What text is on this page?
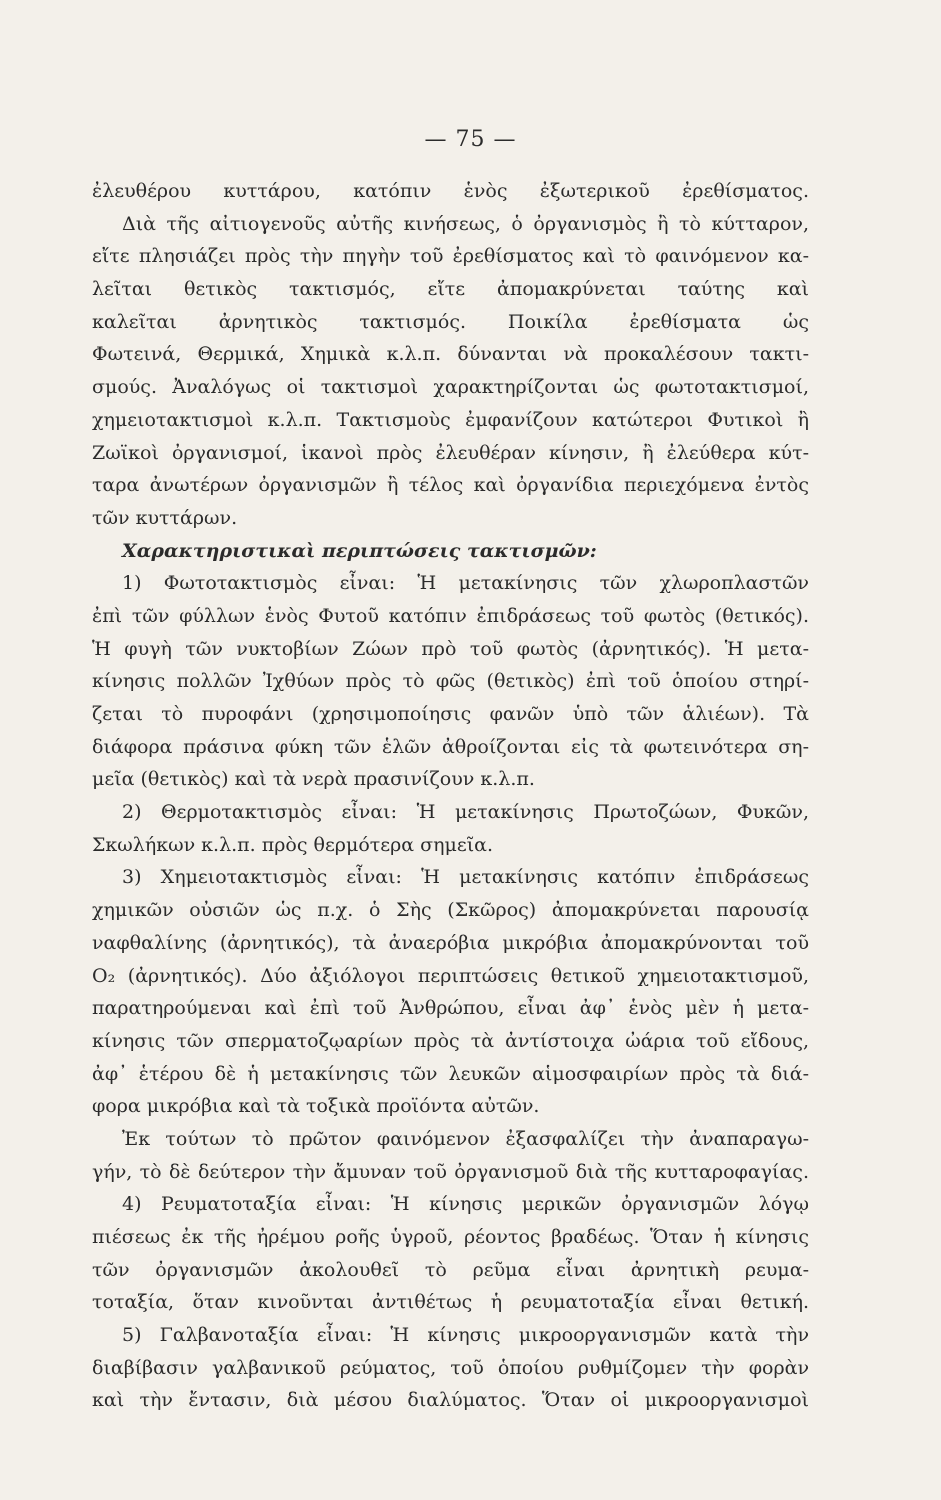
— 75 —
ἐλευθέρου κυττάρου, κατόπιν ἑνὸς ἐξωτερικοῦ ἐρεθίσματος.
Διὰ τῆς αἰτιογενοῦς αὐτῆς κινήσεως, ὁ ὀργανισμὸς ἢ τὸ κύτταρον,
εἴτε πλησιάζει πρὸς τὴν πηγὴν τοῦ ἐρεθίσματος καὶ τὸ φαινόμενον κα-
λεῖται θετικὸς τακτισμός, εἴτε ἀπομακρύνεται ταύτης καὶ
καλεῖται ἀρνητικὸς τακτισμός. Ποικίλα ἐρεθίσματα ὡς
Φωτεινά, Θερμικά, Χημικὰ κ.λ.π. δύνανται νὰ προκαλέσουν τακτι-
σμούς. Ἀναλόγως οἱ τακτισμοὶ χαρακτηρίζονται ὡς φωτοτακτισμοί,
χημειοτακτισμοὶ κ.λ.π. Τακτισμοὺς ἐμφανίζουν κατώτεροι Φυτικοὶ ἢ
Ζωϊκοὶ ὀργανισμοί, ἱκανοὶ πρὸς ἐλευθέραν κίνησιν, ἢ ἐλεύθερα κύτ-
ταρα ἀνωτέρων ὀργανισμῶν ἢ τέλος καὶ ὀργανίδια περιεχόμενα ἐντὸς
τῶν κυττάρων.
Χαρακτηριστικαὶ περιπτώσεις τακτισμῶν:
1) Φωτοτακτισμὸς εἶναι: Ἡ μετακίνησις τῶν χλωροπλαστῶν
ἐπὶ τῶν φύλλων ἑνὸς Φυτοῦ κατόπιν ἐπιδράσεως τοῦ φωτὸς (θετικός).
Ἡ φυγὴ τῶν νυκτοβίων Ζώων πρὸ τοῦ φωτὸς (ἀρνητικός). Ἡ μετα-
κίνησις πολλῶν Ἰχθύων πρὸς τὸ φῶς (θετικὸς) ἐπὶ τοῦ ὁποίου στηρί-
ζεται τὸ πυροφάνι (χρησιμοποίησις φανῶν ὑπὸ τῶν ἁλιέων). Τὰ
διάφορα πράσινα φύκη τῶν ἑλῶν ἀθροίζονται εἰς τὰ φωτεινότερα ση-
μεῖα (θετικὸς) καὶ τὰ νερὰ πρασινίζουν κ.λ.π.
2) Θερμοτακτισμὸς εἶναι: Ἡ μετακίνησις Πρωτοζώων, Φυκῶν,
Σκωλήκων κ.λ.π. πρὸς θερμότερα σημεῖα.
3) Χημειοτακτισμὸς εἶναι: Ἡ μετακίνησις κατόπιν ἐπιδράσεως
χημικῶν οὐσιῶν ὡς π.χ. ὁ Σὴς (Σκῶρος) ἀπομακρύνεται παρουσίᾳ
ναφθαλίνης (ἀρνητικός), τὰ ἀναερόβια μικρόβια ἀπομακρύνονται τοῦ
O₂ (ἀρνητικός). Δύο ἀξιόλογοι περιπτώσεις θετικοῦ χημειοτακτισμοῦ,
παρατηρούμεναι καὶ ἐπὶ τοῦ Ἀνθρώπου, εἶναι ἀφ᾽ ἑνὸς μὲν ἡ μετα-
κίνησις τῶν σπερματοζῳαρίων πρὸς τὰ ἀντίστοιχα ὠάρια τοῦ εἴδους,
ἀφ᾽ ἑτέρου δὲ ἡ μετακίνησις τῶν λευκῶν αἱμοσφαιρίων πρὸς τὰ διά-
φορα μικρόβια καὶ τὰ τοξικὰ προϊόντα αὐτῶν.
Ἐκ τούτων τὸ πρῶτον φαινόμενον ἐξασφαλίζει τὴν ἀναπαραγω-
γήν, τὸ δὲ δεύτερον τὴν ἄμυναν τοῦ ὀργανισμοῦ διὰ τῆς κυτταροφαγίας.
4) Ρευματοταξία εἶναι: Ἡ κίνησις μερικῶν ὀργανισμῶν λόγῳ
πιέσεως ἐκ τῆς ἠρέμου ροῆς ὑγροῦ, ρέοντος βραδέως. Ὅταν ἡ κίνησις
τῶν ὀργανισμῶν ἀκολουθεῖ τὸ ρεῦμα εἶναι ἀρνητικὴ ρευμα-
τοταξία, ὅταν κινοῦνται ἀντιθέτως ἡ ρευματοταξία εἶναι θετική.
5) Γαλβανοταξία εἶναι: Ἡ κίνησις μικροοργανισμῶν κατὰ τὴν
διαβίβασιν γαλβανικοῦ ρεύματος, τοῦ ὁποίου ρυθμίζομεν τὴν φορὰν
καὶ τὴν ἔντασιν, διὰ μέσου διαλύματος. Ὅταν οἱ μικροοργανισμοὶ
